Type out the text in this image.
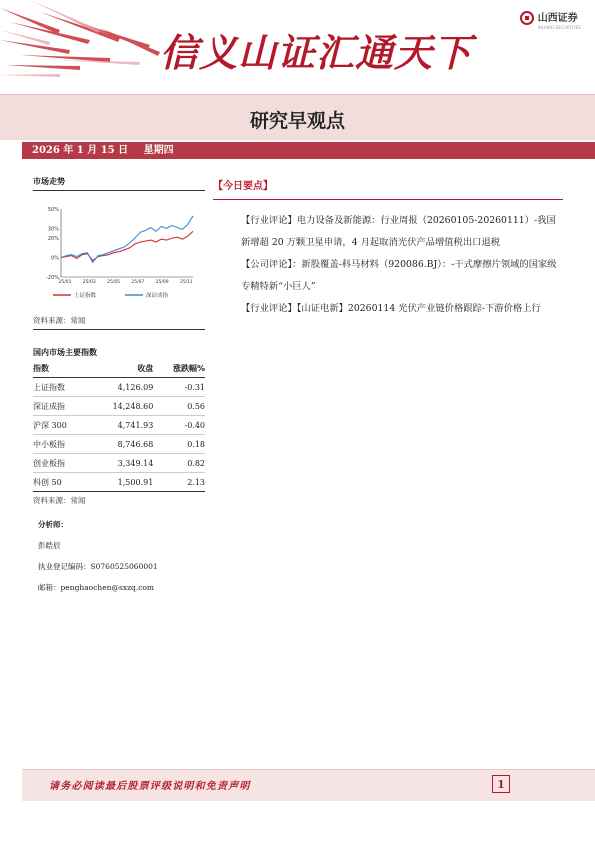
信义山证汇通天下
山西证券
SHANXI SECURITIES
研究早观点
2026 年 1 月 15 日 星期四
市场走势
50%
30%
20%
0%
-20%
25/01	25/03	25/05	25/07	25/09	25/11
上证指数	深证成指
资料来源：常闻
国内市场主要指数
指数	收盘	涨跌幅%
上证指数	4,126.09	-0.31
深证成指	14,248.60	0.56
沪深 300	4,741.93	-0.40
中小板指	8,746.68	0.18
创业板指	3,349.14	0.82
科创 50	1,500.91	2.13
资料来源：常闻
分析师：
彭皓辰
执业登记编码：S0760525060001
邮箱：penghaochen@sxzq.com
【今日要点】

【行业评论】电力设备及新能源：行业周报（20260105-20260111）-我国新增超 20 万颗卫星申请，4 月起取消光伏产品增值税出口退税

【公司评论】：新股覆盖-科马材料（920086.BJ）：-干式摩擦片领域的国家级专精特新“小巨人”

【行业评论】【山证电新】20260114 光伏产业链价格跟踪-下游价格上行

请务必阅读最后股票评级说明和免责声明	1
